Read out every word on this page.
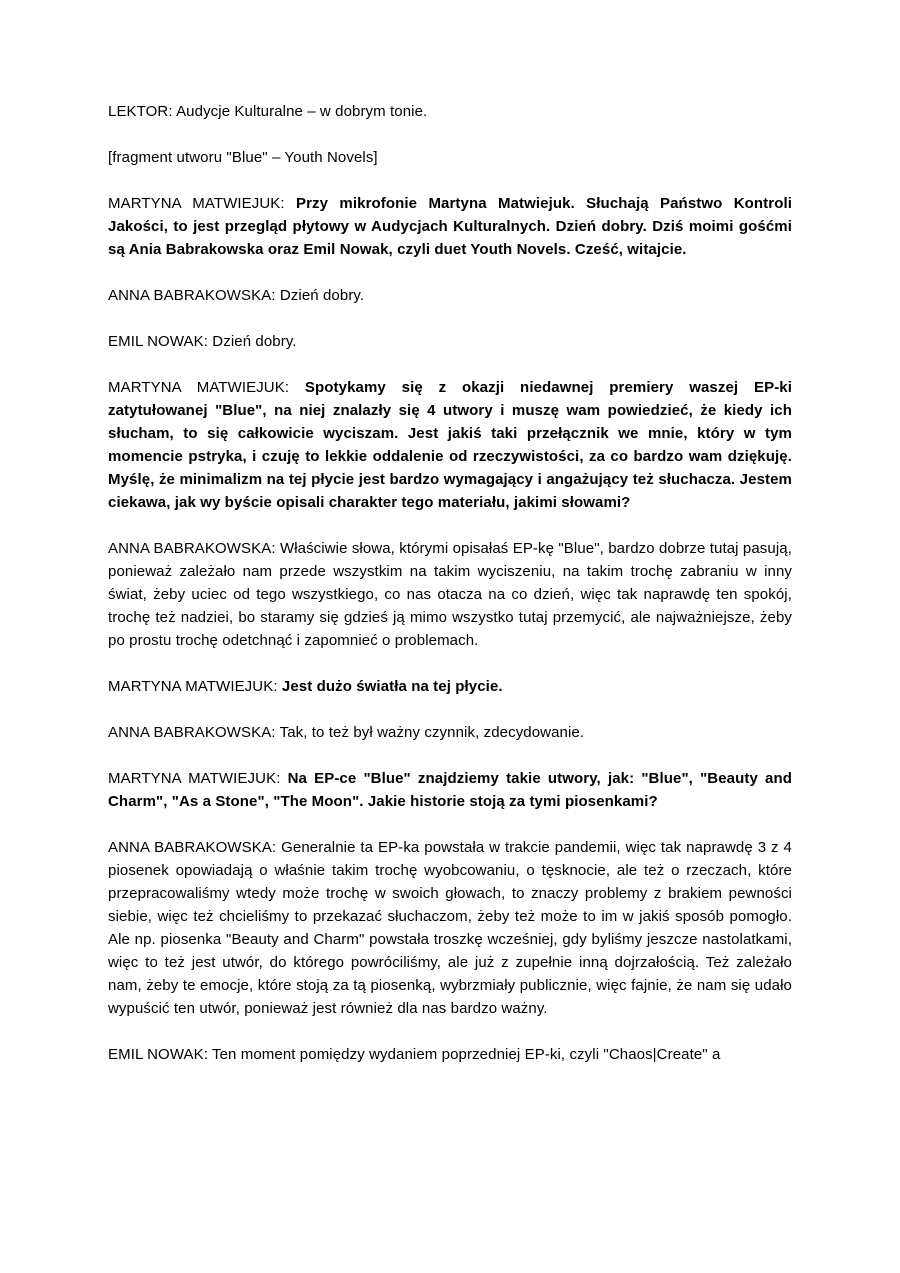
LEKTOR: Audycje Kulturalne – w dobrym tonie.

[fragment utworu "Blue" – Youth Novels]

MARTYNA MATWIEJUK: Przy mikrofonie Martyna Matwiejuk. Słuchają Państwo Kontroli Jakości, to jest przegląd płytowy w Audycjach Kulturalnych. Dzień dobry. Dziś moimi gośćmi są Ania Babrakowska oraz Emil Nowak, czyli duet Youth Novels. Cześć, witajcie.

ANNA BABRAKOWSKA: Dzień dobry.

EMIL NOWAK: Dzień dobry.

MARTYNA MATWIEJUK: Spotykamy się z okazji niedawnej premiery waszej EP-ki zatytułowanej "Blue", na niej znalazły się 4 utwory i muszę wam powiedzieć, że kiedy ich słucham, to się całkowicie wyciszam. Jest jakiś taki przełącznik we mnie, który w tym momencie pstryka, i czuję to lekkie oddalenie od rzeczywistości, za co bardzo wam dziękuję. Myślę, że minimalizm na tej płycie jest bardzo wymagający i angażujący też słuchacza. Jestem ciekawa, jak wy byście opisali charakter tego materiału, jakimi słowami?

ANNA BABRAKOWSKA: Właściwie słowa, którymi opisałaś EP-kę "Blue", bardzo dobrze tutaj pasują, ponieważ zależało nam przede wszystkim na takim wyciszeniu, na takim trochę zabraniu w inny świat, żeby uciec od tego wszystkiego, co nas otacza na co dzień, więc tak naprawdę ten spokój, trochę też nadziei, bo staramy się gdzieś ją mimo wszystko tutaj przemycić, ale najważniejsze, żeby po prostu trochę odetchnąć i zapomnieć o problemach.

MARTYNA MATWIEJUK: Jest dużo światła na tej płycie.

ANNA BABRAKOWSKA: Tak, to też był ważny czynnik, zdecydowanie.

MARTYNA MATWIEJUK: Na EP-ce "Blue" znajdziemy takie utwory, jak: "Blue", "Beauty and Charm", "As a Stone", "The Moon". Jakie historie stoją za tymi piosenkami?

ANNA BABRAKOWSKA: Generalnie ta EP-ka powstała w trakcie pandemii, więc tak naprawdę 3 z 4 piosenek opowiadają o właśnie takim trochę wyobcowaniu, o tęsknocie, ale też o rzeczach, które przepracowaliśmy wtedy może trochę w swoich głowach, to znaczy problemy z brakiem pewności siebie, więc też chcieliśmy to przekazać słuchaczom, żeby też może to im w jakiś sposób pomogło. Ale np. piosenka "Beauty and Charm" powstała troszkę wcześniej, gdy byliśmy jeszcze nastolatkami, więc to też jest utwór, do którego powróciliśmy, ale już z zupełnie inną dojrzałością. Też zależało nam, żeby te emocje, które stoją za tą piosenką, wybrzmiały publicznie, więc fajnie, że nam się udało wypuścić ten utwór, ponieważ jest również dla nas bardzo ważny.

EMIL NOWAK: Ten moment pomiędzy wydaniem poprzedniej EP-ki, czyli "Chaos|Create" a
